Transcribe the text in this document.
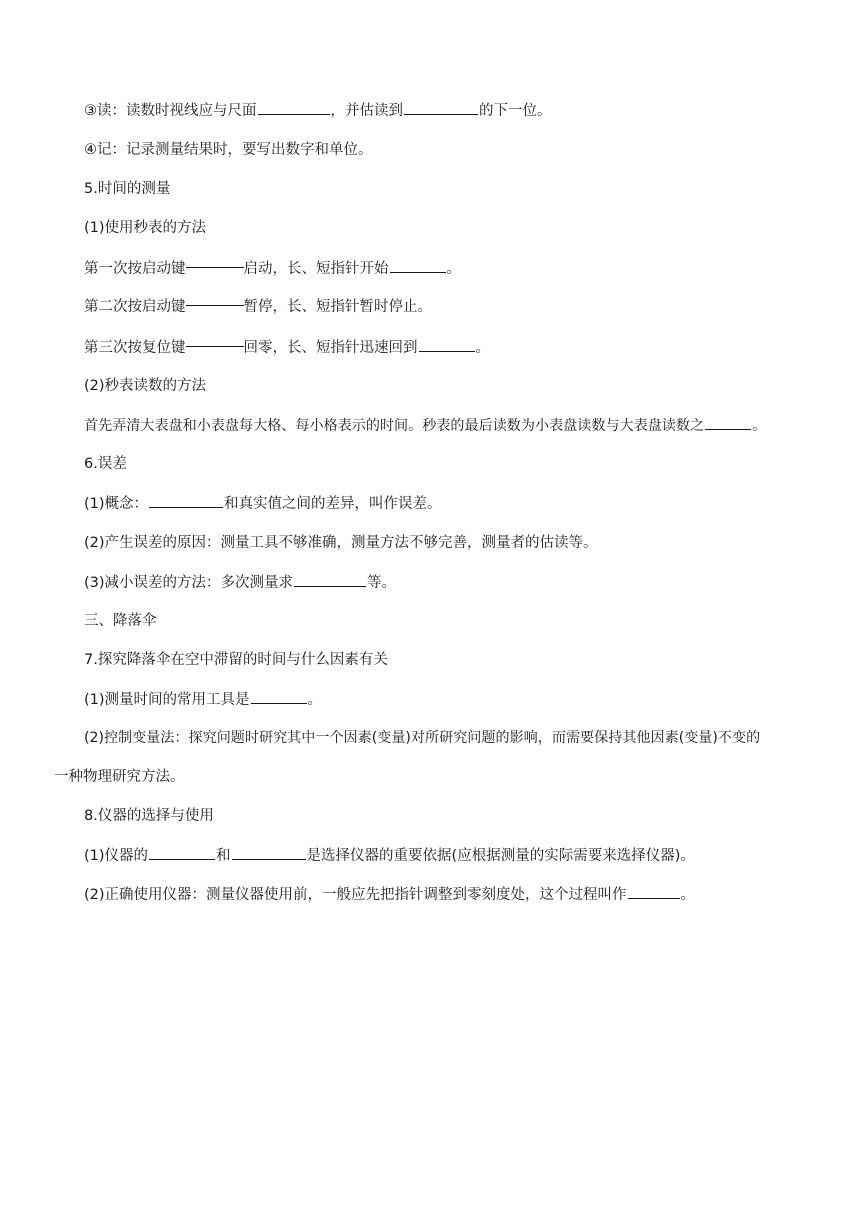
③读：读数时视线应与尺面	，并估读到	的下一位。
④记：记录测量结果时，要写出数字和单位。
5.时间的测量
(1)使用秒表的方法
第一次按启动键	启动，长、短指针开始	。
第二次按启动键	暂停，长、短指针暂时停止。
第三次按复位键	回零，长、短指针迅速回到	。
(2)秒表读数的方法
首先弄清大表盘和小表盘每大格、每小格表示的时间。秒表的最后读数为小表盘读数与大表盘读数之	。
6.误差
(1)概念：	和真实值之间的差异，叫作误差。
(2)产生误差的原因：测量工具不够准确，测量方法不够完善，测量者的估读等。
(3)减小误差的方法：多次测量求	等。
三、降落伞
7.探究降落伞在空中滞留的时间与什么因素有关
(1)测量时间的常用工具是	。
(2)控制变量法：探究问题时研究其中一个因素(变量)对所研究问题的影响，而需要保持其他因素(变量)不变的
一种物理研究方法。
8.仪器的选择与使用
(1)仪器的	和	是选择仪器的重要依据(应根据测量的实际需要来选择仪器)。
(2)正确使用仪器：测量仪器使用前，一般应先把指针调整到零刻度处，这个过程叫作	。
